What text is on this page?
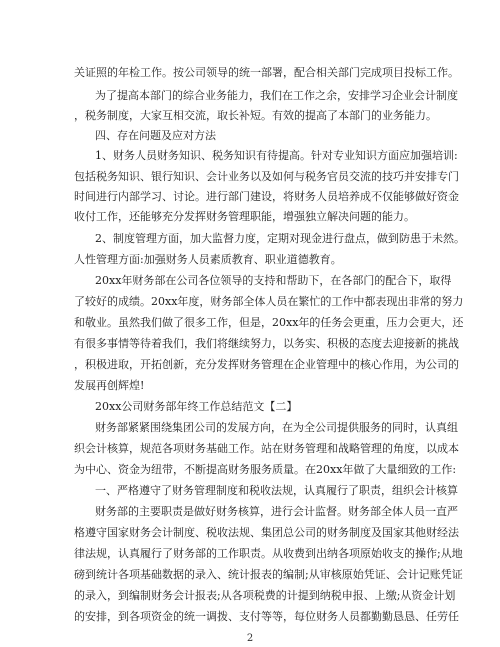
关证照的年检工作。按公司领导的统一部署，配合相关部门完成项目投标工作。
为了提高本部门的综合业务能力，我们在工作之余，安排学习企业会计制度
，税务制度，大家互相交流，取长补短。有效的提高了本部门的业务能力。
四、存在问题及应对方法
1、财务人员财务知识、税务知识有待提高。针对专业知识方面应加强培训:
包括税务知识、银行知识、会计业务以及如何与税务官员交流的技巧并安排专门
时间进行内部学习、讨论。进行部门建设，将财务人员培养成不仅能够做好资金
收付工作，还能够充分发挥财务管理职能，增强独立解决问题的能力。
2、制度管理方面，加大监督力度，定期对现金进行盘点，做到防患于未然。
人性管理方面:加强财务人员素质教育、职业道德教育。
20xx年财务部在公司各位领导的支持和帮助下，在各部门的配合下，取得
了较好的成绩。20xx年度，财务部全体人员在繁忙的工作中都表现出非常的努力
和敬业。虽然我们做了很多工作，但是，20xx年的任务会更重，压力会更大，还
有很多事情等待着我们，我们将继续努力，以务实、积极的态度去迎接新的挑战
，积极进取，开拓创新，充分发挥财务管理在企业管理中的核心作用，为公司的
发展再创辉煌!
20xx公司财务部年终工作总结范文【二】
财务部紧紧围绕集团公司的发展方向，在为全公司提供服务的同时，认真组
织会计核算，规范各项财务基础工作。站在财务管理和战略管理的角度，以成本
为中心、资金为纽带，不断提高财务服务质量。在20xx年做了大量细致的工作:
一、严格遵守了财务管理制度和税收法规，认真履行了职责，组织会计核算
财务部的主要职责是做好财务核算，进行会计监督。财务部全体人员一直严
格遵守国家财务会计制度、税收法规、集团总公司的财务制度及国家其他财经法
律法规，认真履行了财务部的工作职责。从收费到出纳各项原始收支的操作;从地
磅到统计各项基础数据的录入、统计报表的编制;从审核原始凭证、会计记账凭证
的录入，到编制财务会计报表;从各项税费的计提到纳税申报、上缴;从资金计划
的安排，到各项资金的统一调拨、支付等等，每位财务人员都勤勤恳恳、任劳任
2
